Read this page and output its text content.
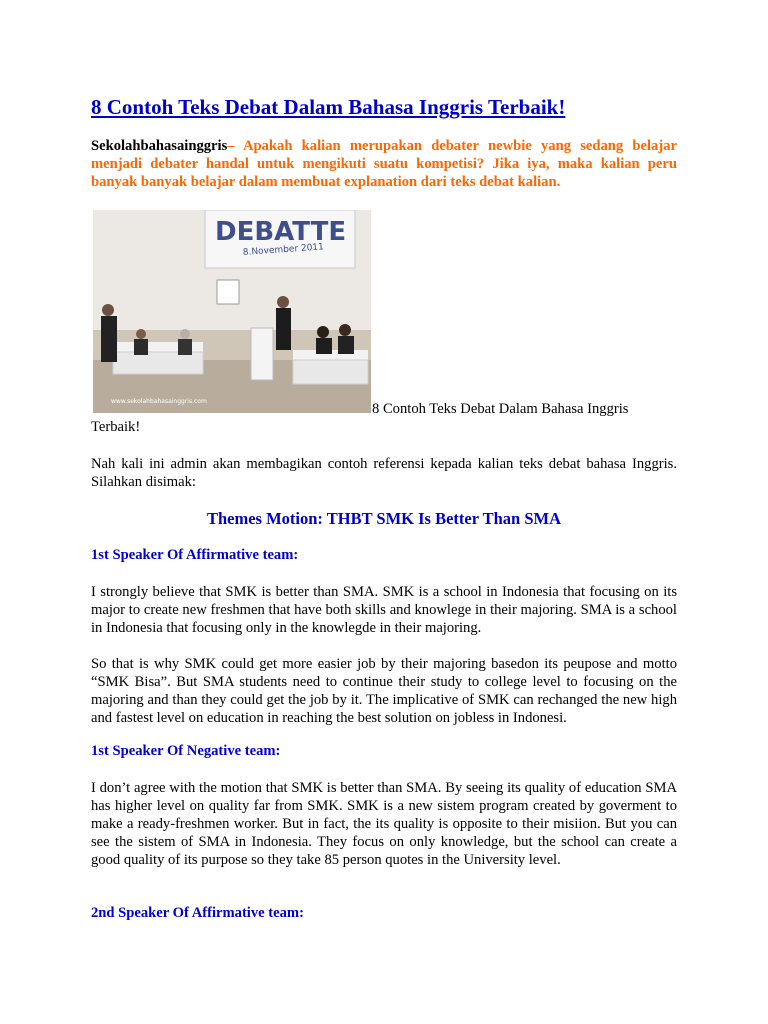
8 Contoh Teks Debat Dalam Bahasa Inggris Terbaik!

Sekolahbahasainggris– Apakah kalian merupakan debater newbie yang sedang belajar menjadi debater handal untuk mengikuti suatu kompetisi? Jika iya, maka kalian peru banyak banyak belajar dalam membuat explanation dari teks debat kalian.

DEBATTE
8.November 2011
www.sekolahbahasainggris.com	8 Contoh Teks Debat Dalam Bahasa Inggris
Terbaik!

Nah kali ini admin akan membagikan contoh referensi kepada kalian teks debat bahasa Inggris. Silahkan disimak:

Themes Motion: THBT SMK Is Better Than SMA
1st Speaker Of Affirmative team:

I strongly believe that SMK is better than SMA. SMK is a school in Indonesia that focusing on its major to create new freshmen that have both skills and knowlege in their majoring. SMA is a school in Indonesia that focusing only in the knowlegde in their majoring.

So that is why SMK could get more easier job by their majoring basedon its peupose and motto “SMK Bisa”. But SMA students need to continue their study to college level to focusing on the majoring and than they could get the job by it. The implicative of SMK can rechanged the new high and fastest level on education in reaching the best solution on jobless in Indonesi.

1st Speaker Of Negative team:

I don’t agree with the motion that SMK is better than SMA. By seeing its quality of education SMA has higher level on quality far from SMK. SMK is a new sistem program created by goverment to make a ready-freshmen worker. But in fact, the its quality is opposite to their misiion. But you can see the sistem of SMA in Indonesia. They focus on only knowledge, but the school can create a good quality of its purpose so they take 85 person quotes in the University level.

2nd Speaker Of Affirmative team:
